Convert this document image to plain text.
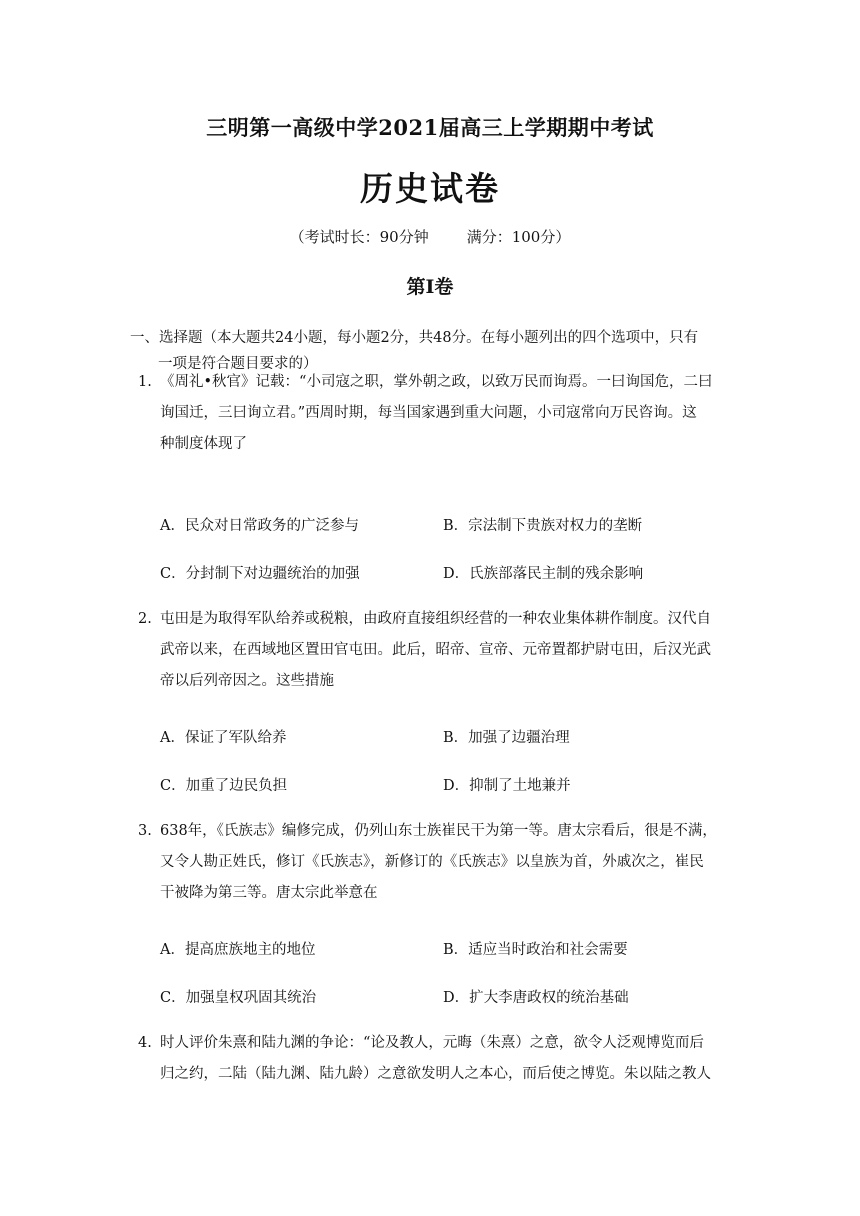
三明第一高级中学2021届高三上学期期中考试
历史试卷
（考试时长：90分钟	满分：100分）
第Ⅰ卷
一、选择题（本大题共24小题，每小题2分，共48分。在每小题列出的四个选项中，只有
一项是符合题目要求的）
1. 《周礼•秋官》记载：“小司寇之职，掌外朝之政，以致万民而询焉。一曰询国危，二曰
询国迁，三曰询立君。”西周时期，每当国家遇到重大问题，小司寇常向万民咨询。这
种制度体现了
A．民众对日常政务的广泛参与	B．宗法制下贵族对权力的垄断
C．分封制下对边疆统治的加强	D．氏族部落民主制的残余影响
2. 屯田是为取得军队给养或税粮，由政府直接组织经营的一种农业集体耕作制度。汉代自
武帝以来，在西域地区置田官屯田。此后，昭帝、宣帝、元帝置都护尉屯田，后汉光武
帝以后列帝因之。这些措施
A．保证了军队给养	B．加强了边疆治理
C．加重了边民负担	D．抑制了土地兼并
3. 638年，《氏族志》编修完成，仍列山东士族崔民干为第一等。唐太宗看后，很是不满，
又令人勘正姓氏，修订《氏族志》，新修订的《氏族志》以皇族为首，外戚次之，崔民
干被降为第三等。唐太宗此举意在
A．提高庶族地主的地位	B．适应当时政治和社会需要
C．加强皇权巩固其统治	D．扩大李唐政权的统治基础
4. 时人评价朱熹和陆九渊的争论：“论及教人，元晦（朱熹）之意，欲令人泛观博览而后
归之约，二陆（陆九渊、陆九龄）之意欲发明人之本心，而后使之博览。朱以陆之教人
